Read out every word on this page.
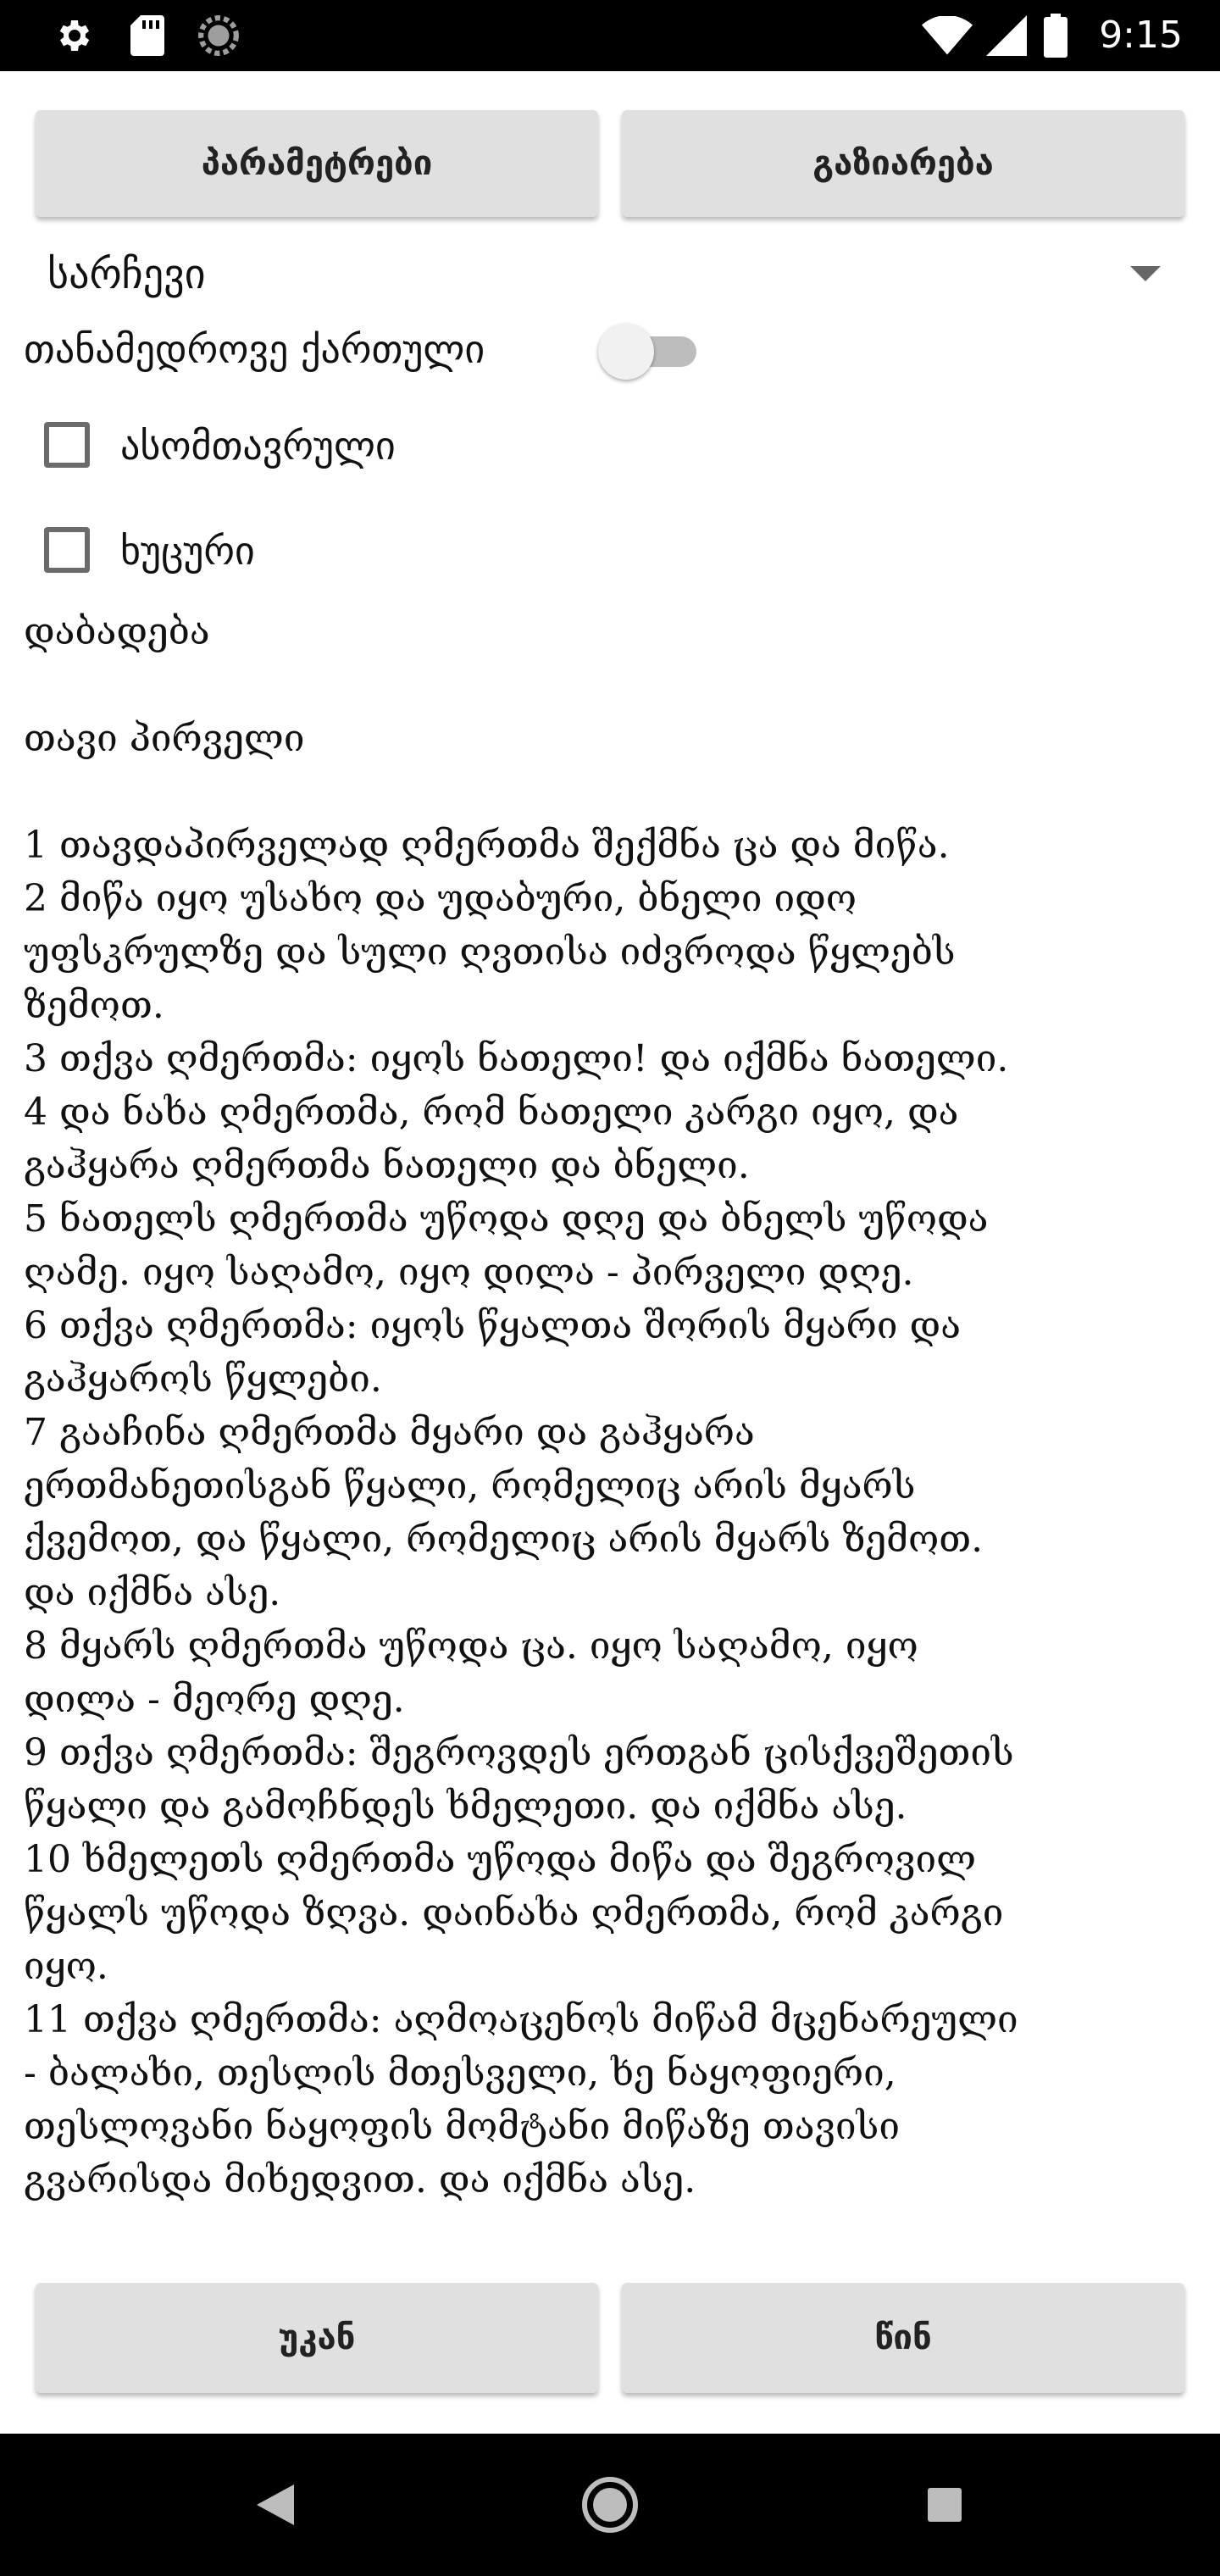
9:15
პარამეტრები	გაზიარება
სარჩევი
თანამედროვე ქართული
ასომთავრული
ხუცური
დაბადება
თავი პირველი
1 თავდაპირველად ღმერთმა შექმნა ცა და მიწა.
2 მიწა იყო უსახო და უდაბური, ბნელი იდო
უფსკრულზე და სული ღვთისა იძვროდა წყლებს
ზემოთ.
3 თქვა ღმერთმა: იყოს ნათელი! და იქმნა ნათელი.
4 და ნახა ღმერთმა, რომ ნათელი კარგი იყო, და
გაჰყარა ღმერთმა ნათელი და ბნელი.
5 ნათელს ღმერთმა უწოდა დღე და ბნელს უწოდა
ღამე. იყო საღამო, იყო დილა - პირველი დღე.
6 თქვა ღმერთმა: იყოს წყალთა შორის მყარი და
გაჰყაროს წყლები.
7 გააჩინა ღმერთმა მყარი და გაჰყარა
ერთმანეთისგან წყალი, რომელიც არის მყარს
ქვემოთ, და წყალი, რომელიც არის მყარს ზემოთ.
და იქმნა ასე.
8 მყარს ღმერთმა უწოდა ცა. იყო საღამო, იყო
დილა - მეორე დღე.
9 თქვა ღმერთმა: შეგროვდეს ერთგან ცისქვეშეთის
წყალი და გამოჩნდეს ხმელეთი. და იქმნა ასე.
10 ხმელეთს ღმერთმა უწოდა მიწა და შეგროვილ
წყალს უწოდა ზღვა. დაინახა ღმერთმა, რომ კარგი
იყო.
11 თქვა ღმერთმა: აღმოაცენოს მიწამ მცენარეული
- ბალახი, თესლის მთესველი, ხე ნაყოფიერი,
თესლოვანი ნაყოფის მომტანი მიწაზე თავისი
გვარისდა მიხედვით. და იქმნა ასე.
უკან	წინ
